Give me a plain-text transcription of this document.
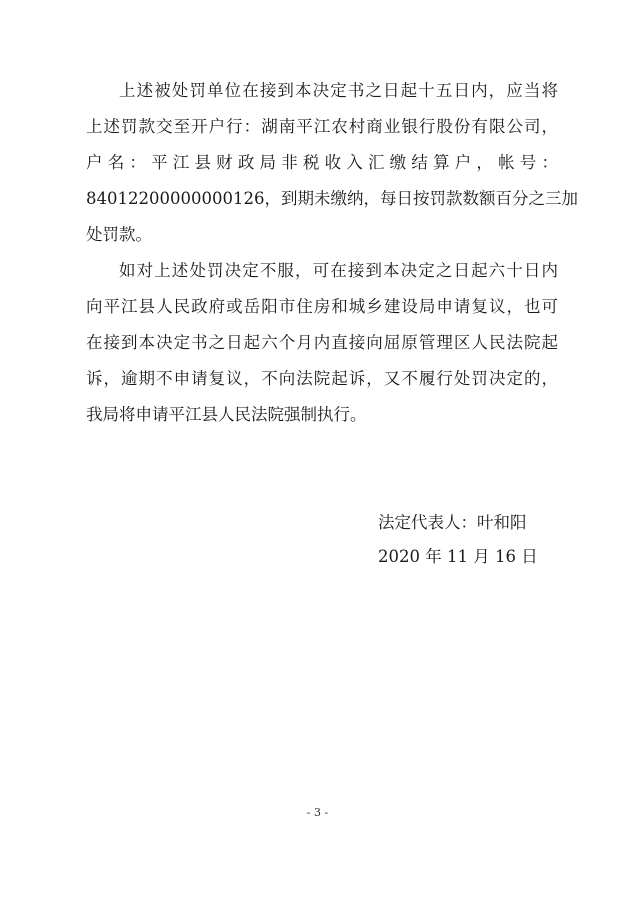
上述被处罚单位在接到本决定书之日起十五日内，应当将
上述罚款交至开户行：湖南平江农村商业银行股份有限公司，
户名：平江县财政局非税收入汇缴结算户，帐号：
84012200000000126，到期未缴纳，每日按罚款数额百分之三加
处罚款。
如对上述处罚决定不服，可在接到本决定之日起六十日内
向平江县人民政府或岳阳市住房和城乡建设局申请复议，也可
在接到本决定书之日起六个月内直接向屈原管理区人民法院起
诉，逾期不申请复议，不向法院起诉，又不履行处罚决定的，
我局将申请平江县人民法院强制执行。
法定代表人：叶和阳
2020 年 11 月 16 日
- 3 -
